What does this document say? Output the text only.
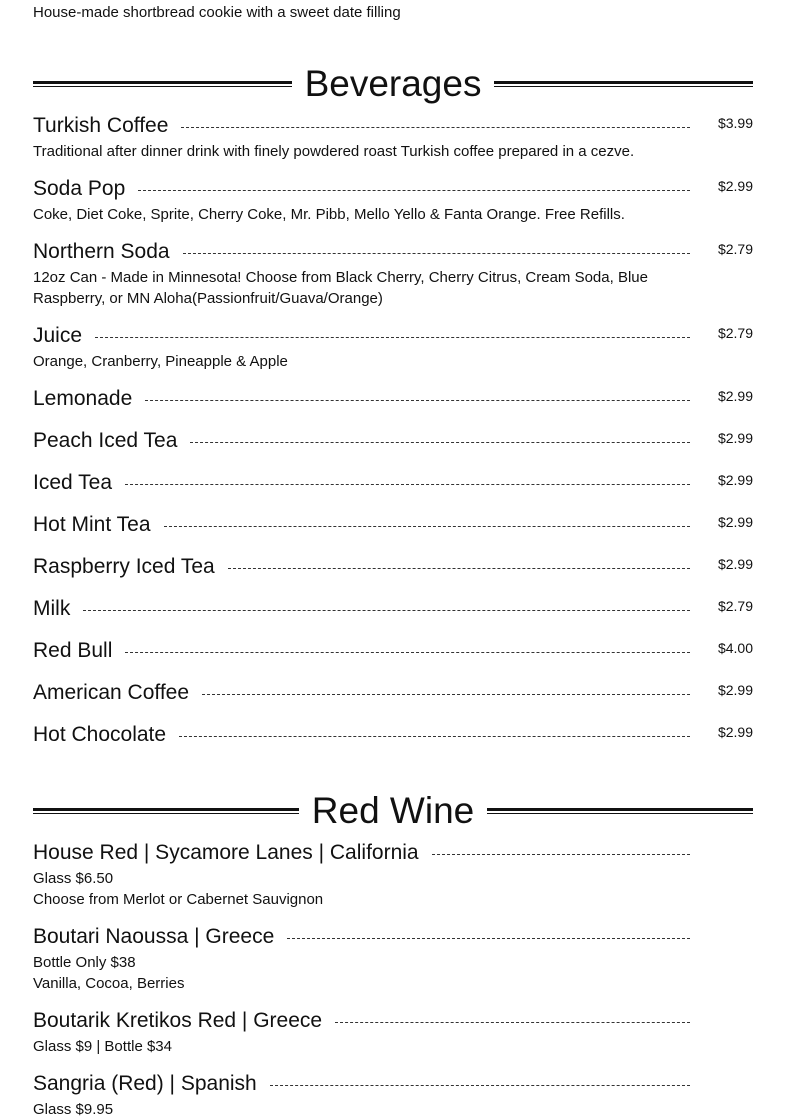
House-made shortbread cookie with a sweet date filling

Beverages
Turkish Coffee	$3.99
Traditional after dinner drink with finely powdered roast Turkish coffee prepared in a cezve.
Soda Pop	$2.99
Coke, Diet Coke, Sprite, Cherry Coke, Mr. Pibb, Mello Yello & Fanta Orange. Free Refills.
Northern Soda	$2.79
12oz Can - Made in Minnesota! Choose from Black Cherry, Cherry Citrus, Cream Soda, Blue
Raspberry, or MN Aloha(Passionfruit/Guava/Orange)
Juice	$2.79
Orange, Cranberry, Pineapple & Apple
Lemonade	$2.99
Peach Iced Tea	$2.99
Iced Tea	$2.99
Hot Mint Tea	$2.99
Raspberry Iced Tea	$2.99
Milk	$2.79
Red Bull	$4.00
American Coffee	$2.99
Hot Chocolate	$2.99
Red Wine
House Red | Sycamore Lanes | California
Glass $6.50
Choose from Merlot or Cabernet Sauvignon
Boutari Naoussa | Greece
Bottle Only $38
Vanilla, Cocoa, Berries
Boutarik Kretikos Red | Greece
Glass $9 | Bottle $34
Sangria (Red) | Spanish
Glass $9.95
